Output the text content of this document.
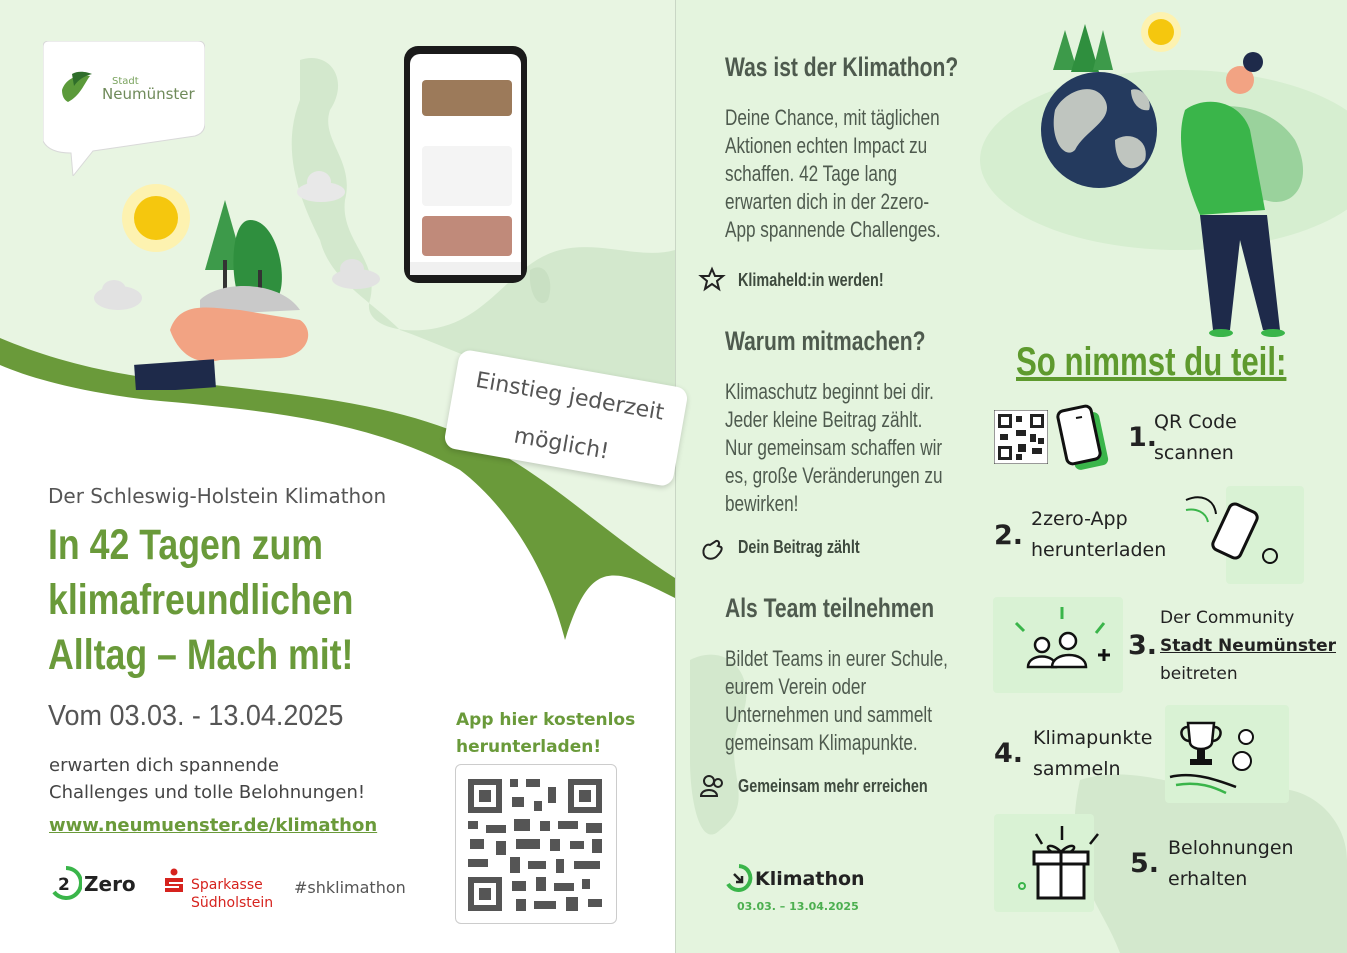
Stadt
Neumünster
Einstieg jederzeit
möglich!
Der Schleswig-Holstein Klimathon
In 42 Tagen zum
klimafreundlichen
Alltag – Mach mit!
Vom 03.03. - 13.04.2025
erwarten dich spannende
Challenges und tolle Belohnungen!
www.neumuenster.de/klimathon
2 Zero	Sparkasse
Südholstein
#shklimathon
App hier kostenlos
herunterladen!
Was ist der Klimathon?
Deine Chance, mit täglichen
Aktionen echten Impact zu
schaffen. 42 Tage lang
erwarten dich in der 2zero-
App spannende Challenges.
Klimaheld:in werden!
Warum mitmachen?
Klimaschutz beginnt bei dir.
Jeder kleine Beitrag zählt.
Nur gemeinsam schaffen wir
es, große Veränderungen zu
bewirken!
Dein Beitrag zählt
Als Team teilnehmen
Bildet Teams in eurer Schule,
eurem Verein oder
Unternehmen und sammelt
gemeinsam Klimapunkte.
Gemeinsam mehr erreichen
Klimathon
03.03. – 13.04.2025
So nimmst du teil:
1.
QR Code
scannen
2.
2zero-App
herunterladen
3.
Der Community
Stadt Neumünster
beitreten
4. Klimapunkte
sammeln
5. Belohnungen
erhalten
